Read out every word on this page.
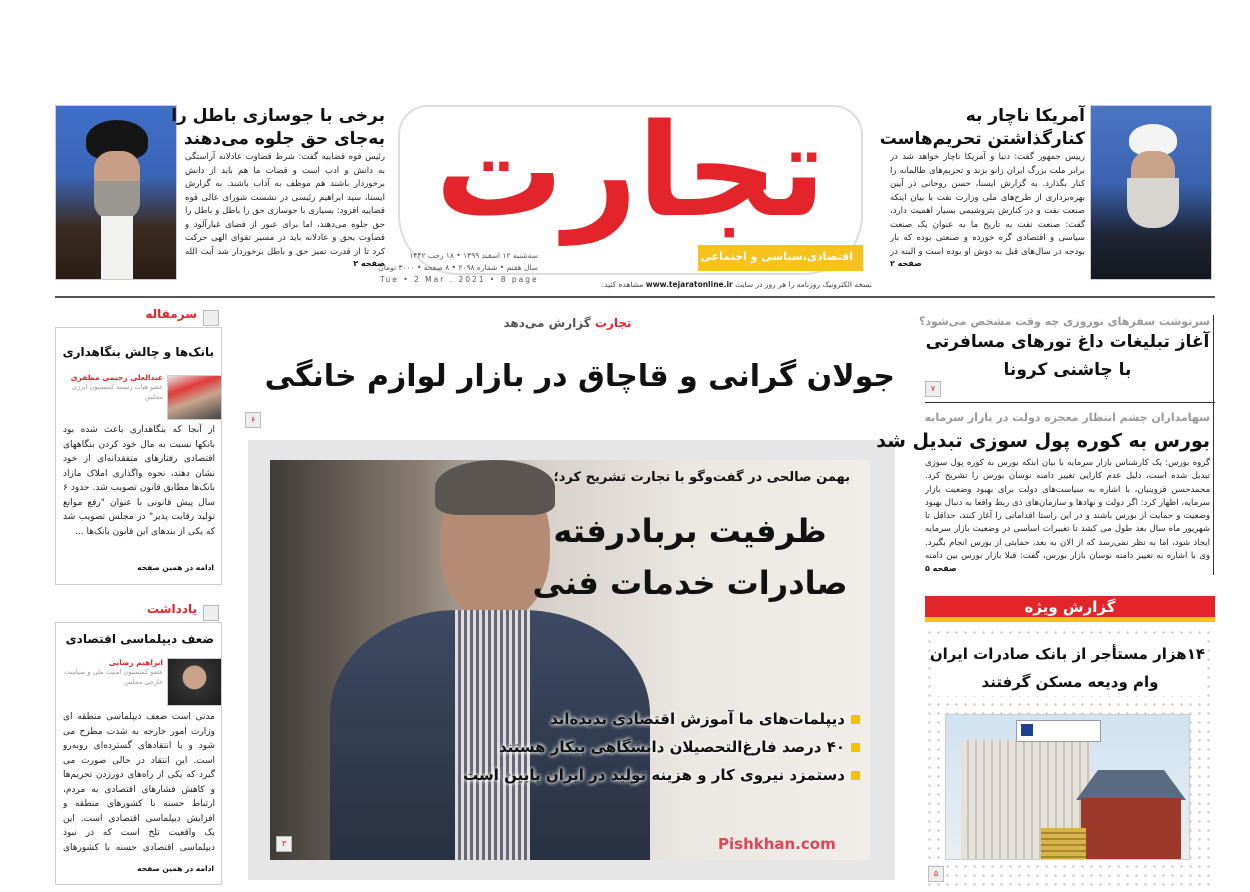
آمریکا ناچار به
کنارگذاشتن تحریم‌هاست
رییس جمهور گفت: دنیا و آمریکا ناچار خواهد شد در برابر ملت بزرگ ایران زانو بزند و تحریم‌های ظالمانه را کنار بگذارد. به گزارش ایسنا، حسن روحانی در آیین بهره‌برداری از طرح‌های ملی وزارت نفت با بیان اینکه صنعت نفت و در کنارش پتروشیمی بسیار اهمیت دارد، گفت: صنعت نفت به تاریخ ما به عنوان یک صنعت سیاسی و اقتصادی گره خورده و صنعتی بوده که بار بودجه در سال‌های قبل به دوش او بوده است و البته در
صفحه ۲
تجارت
اقتصادی،سیاسی و اجتماعی
سه‌شنبه ۱۲ اسفند ۱۳۹۹ • ۱۸ رجب ۱۴۴۲
سال هفتم • شماره ۲۰۹۸ • ۸ صفحه • ۳۰۰۰ تومان
Tue • 2 Mar . 2021 • 8 page
نسخه الکترونیک روزنامه را هر روز در سایت www.tejaratonline.ir مشاهده کنید.
برخی با جوسازی باطل را
به‌جای حق جلوه می‌دهند
رئیس قوه قضاییه گفت: شرط قضاوت عادلانه آراستگی به دانش و ادب است و قضات ما هم باید از دانش برخوردار باشند هم موظف به آداب باشند. به گزارش ایسنا، سید ابراهیم رئیسی در نشست شورای عالی قوه قضاییه افزود: بسیاری با جوسازی حق را باطل و باطل را حق جلوه می‌دهند، اما برای عبور از فضای غبارآلود و قضاوت بحق و عادلانه باید در مسیر تقوای الهی حرکت کرد تا از قدرت تمیز حق و باطل برخوردار شد آیت الله
صفحه ۲
سرمقاله
بانک‌ها و چالش بنگاهداری
عبدالعلی رحیمی مظفری
عضو هیات رئیسه کمیسیون انرژی مجلس
از آنجا که بنگاهداری باعث شده بود بانکها نسبت به مال خود کردن بنگاههای اقتصادی رفتارهای متفقدانه‌ای از خود نشان دهند، نحوه واگذاری املاک مازاد بانک‌ها مطابق قانون تصویب شد. حدود ۶ سال پیش قانونی با عنوان "رفع موانع تولید رقابت پذیر" در مجلس تصویب شد که یکی از بندهای این قانون بانک‌ها ...
ادامه در همین صفحه
یادداشت
ضعف دیپلماسی اقتصادی
ابراهیم رضایی
عضو کمیسیون امنیت ملی و سیاست خارجی مجلس
مدتی است ضعف دیپلماسی منطقه ای وزارت امور خارجه به شدت مطرح می شود و با انتقادهای گسترده‌ای روبه‌رو است. این انتقاد در حالی صورت می گیرد که یکی از راه‌های دورزدن تحریم‌ها و کاهش فشارهای اقتصادی به مردم، ارتباط حسنه با کشورهای منطقه و افزایش دیپلماسی اقتصادی است. این یک واقعیت تلخ است که در نبود دیپلماسی اقتصادی حسنه با کشورهای
ادامه در همین صفحه
تجارت گزارش می‌دهد
جولان گرانی و قاچاق در بازار لوازم خانگی
۶
۳
بهمن صالحی در گفت‌وگو با تجارت تشریح کرد؛
ظرفیت بربادرفته
صادرات خدمات فنی
دیپلمات‌های ما آموزش اقتصادی ندیده‌اند
۴۰ درصد فارغ‌التحصیلان دانشگاهی بیکار هستند
دستمزد نیروی کار و هزینه تولید در ایران پایین است
Pishkhan.com
سرنوشت سفرهای نوروزی چه وقت مشخص می‌شود؟
آغاز تبلیغات داغ تورهای مسافرتی
با چاشنی کرونا
۷
سهامداران چشم انتظار معجزه دولت در بازار سرمایه
بورس به کوره پول سوزی تبدیل شد
گروه بورس: یک کارشناس بازار سرمایه با بیان اینکه بورس به کوره پول سوزی تبدیل شده است، دلیل عدم کارایی تغییر دامنه نوسان بورس را تشریح کرد. محمدحسن قزوینیان، با اشاره به سیاست‌های دولت برای بهبود وضعیت بازار سرمایه، اظهار کرد: اگر دولت و نهادها و سازمان‌های ذی ربط واقعا به دنبال بهبود وضعیت و حمایت از بورس باشند و در این راستا اقداماتی را آغاز کنند، حداقل تا شهریور ماه سال بعد طول می کشد تا تغییرات اساسی در وضعیت بازار سرمایه ایجاد شود، اما به نظر نمی‌رسد که از الان به بعد، حمایتی از بورس انجام بگیرد. وی با اشاره به تغییر دامنه نوسان بازار بورس، گفت: قبلا بازار بورس بین دامنه
صفحه ۵
گزارش ویژه
۱۴هزار مستأجر از بانک صادرات ایران
وام ودیعه مسکن گرفتند
۵
